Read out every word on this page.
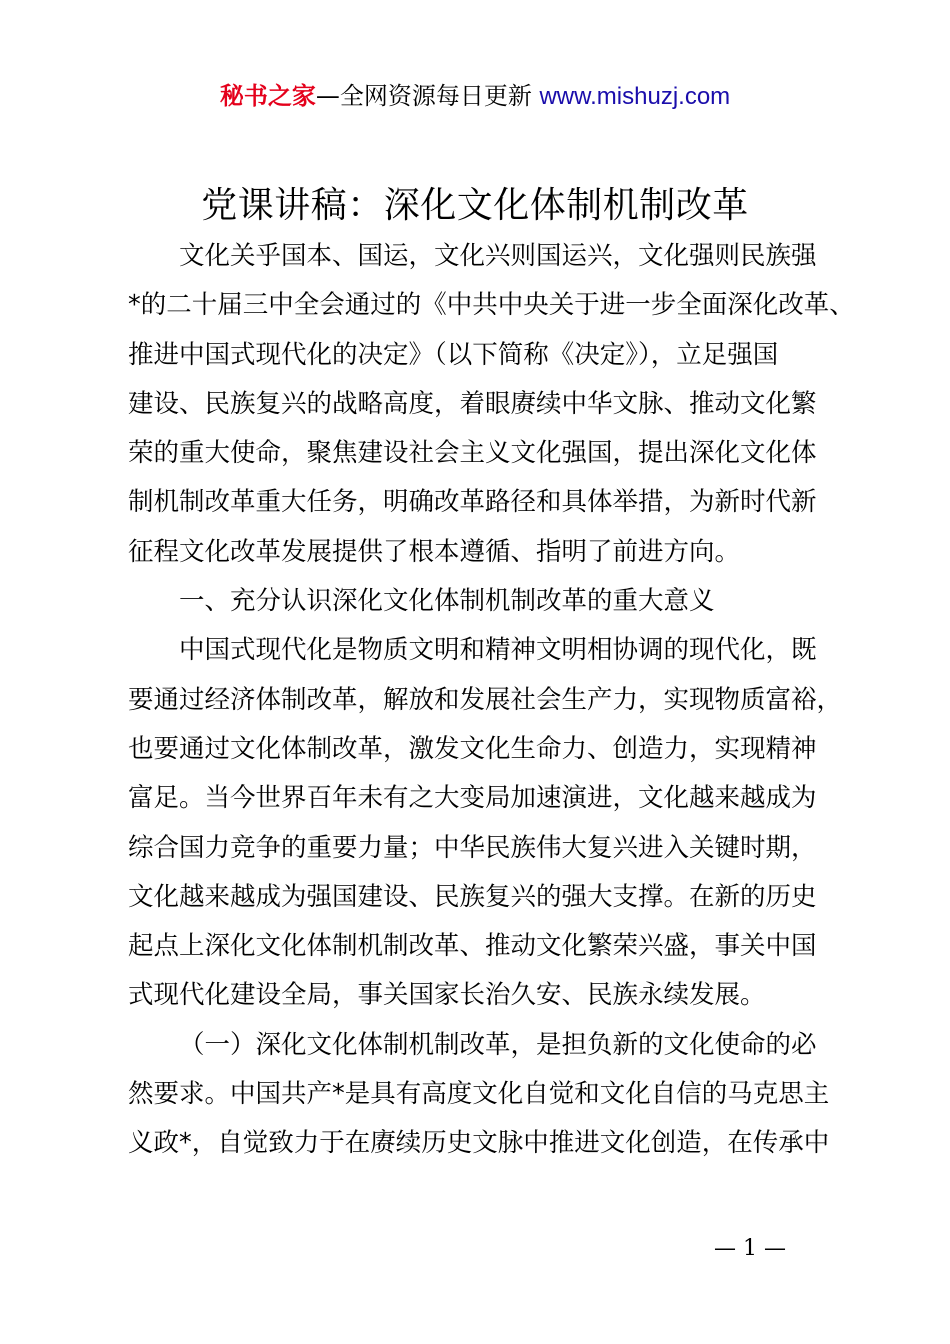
秘书之家—全网资源每日更新 www.mishuzj.com
党课讲稿：深化文化体制机制改革
文化关乎国本、国运，文化兴则国运兴，文化强则民族强
*的二十届三中全会通过的《中共中央关于进一步全面深化改革、
推进中国式现代化的决定》（以下简称《决定》），立足强国
建设、民族复兴的战略高度，着眼赓续中华文脉、推动文化繁
荣的重大使命，聚焦建设社会主义文化强国，提出深化文化体
制机制改革重大任务，明确改革路径和具体举措，为新时代新
征程文化改革发展提供了根本遵循、指明了前进方向。
一、充分认识深化文化体制机制改革的重大意义
中国式现代化是物质文明和精神文明相协调的现代化，既
要通过经济体制改革，解放和发展社会生产力，实现物质富裕，
也要通过文化体制改革，激发文化生命力、创造力，实现精神
富足。当今世界百年未有之大变局加速演进，文化越来越成为
综合国力竞争的重要力量；中华民族伟大复兴进入关键时期，
文化越来越成为强国建设、民族复兴的强大支撑。在新的历史
起点上深化文化体制机制改革、推动文化繁荣兴盛，事关中国
式现代化建设全局，事关国家长治久安、民族永续发展。
（一）深化文化体制机制改革，是担负新的文化使命的必
然要求。中国共产*是具有高度文化自觉和文化自信的马克思主
义政*，自觉致力于在赓续历史文脉中推进文化创造，在传承中
— 1 —
